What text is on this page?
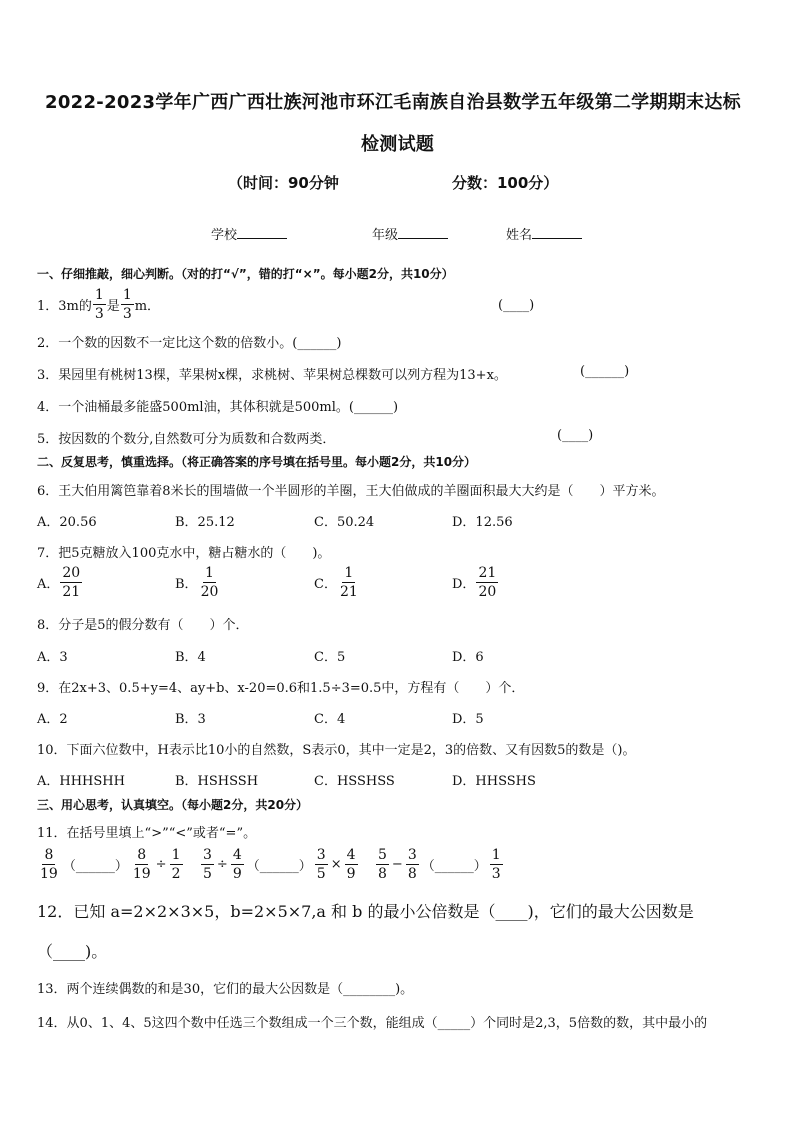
2022-2023学年广西广西壮族河池市环江毛南族自治县数学五年级第二学期期末达标
检测试题
（时间：90分钟	分数：100分）
学校	年级	姓名
一、仔细推敲，细心判断。（对的打“√”，错的打“×”。每小题2分，共10分）
1．3m的 $\frac{1}{3}$ 是 $\frac{1}{3}$ m．	(____)
2．一个数的因数不一定比这个数的倍数小。(______)
3．果园里有桃树13棵，苹果树x棵，求桃树、苹果树总棵数可以列方程为13+x。	(______)
4．一个油桶最多能盛500ml油，其体积就是500ml。(______)
5．按因数的个数分,自然数可分为质数和合数两类．	(____)
二、反复思考，慎重选择。（将正确答案的序号填在括号里。每小题2分，共10分）
6．王大伯用篱笆靠着8米长的围墙做一个半圆形的羊圈，王大伯做成的羊圈面积最大大约是（　　）平方米。
A．20.56	B．25.12	C．50.24	D．12.56
7．把5克糖放入100克水中，糖占糖水的（　　)。
A． $\frac{20}{21}$	B． $\frac{1}{20}$	C． $\frac{1}{21}$	D． $\frac{21}{20}$
8．分子是5的假分数有（　　）个．
A．3	B．4	C．5	D．6
9．在2x+3、0.5+y=4、ay+b、x-20=0.6和1.5÷3=0.5中，方程有（　　）个．
A．2	B．3	C．4	D．5
10．下面六位数中，H表示比10小的自然数，S表示0，其中一定是2，3的倍数、又有因数5的数是（)。
A．HHHSHH	B．HSHSSH	C．HSSHSS	D．HHSSHS
三、用心思考，认真填空。（每小题2分，共20分）
11．在括号里填上“>”“<”或者“=”。
$\frac{8}{19}$ （______） $\frac{8}{19} \div \frac{1}{2} \frac{3}{5} \div \frac{4}{9}$ （______） $\frac{3}{5} \times \frac{4}{9} \frac{5}{8} - \frac{3}{8}$ （______） $\frac{1}{3}$
12．已知 a=2×2×3×5，b=2×5×7,a 和 b 的最小公倍数是（____)，它们的最大公因数是
（____)。
13．两个连续偶数的和是30，它们的最大公因数是（________)。
14．从0、1、4、5这四个数中任选三个数组成一个三个数，能组成（_____）个同时是2,3，5倍数的数，其中最小的
